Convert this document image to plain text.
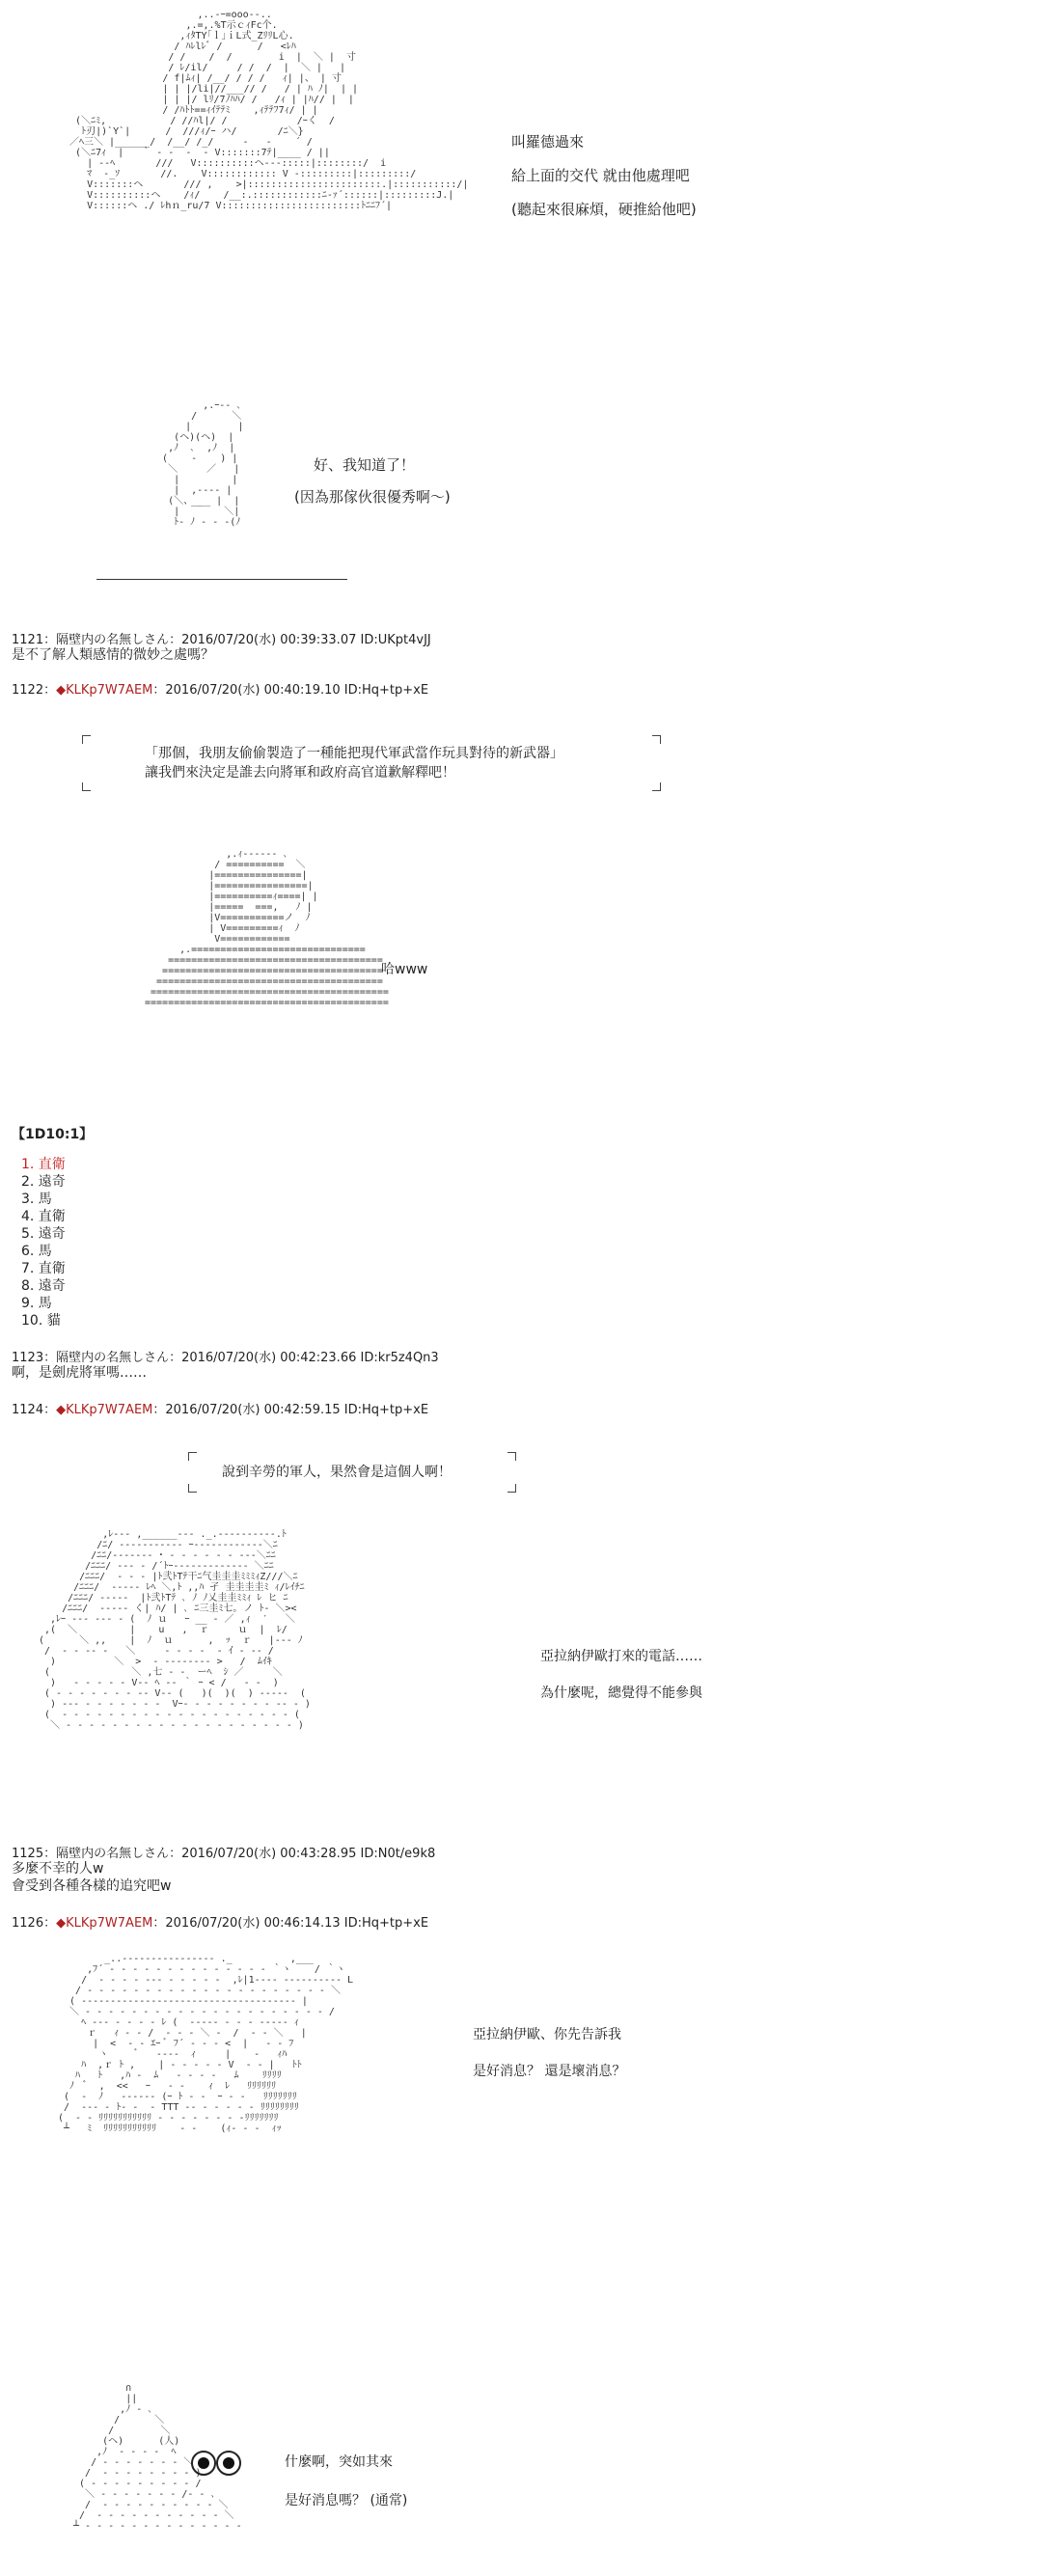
,..-ｰ=ooo‐-..
,.=,.%T示ｃｨFc个.
,ｨﾀTY｢ｌ｣ｉL式_ZﾘﾘL心.
/ ﾊﾚlﾚﾞ /      /   <ﾚﾊ
/ /    /  /        i  |  ＼ |  寸
/ ﾚ/il/     / /  /  |  ＼ |   |
/ f|ﾑｨ| /__/ / / /   ｨ| |、 | 寸
| | |/li|//___// /   / | ﾊ ﾉ|  | |
| | |/ lﾘ/7ﾉﾊﾊ/ /   /ｨ | |ﾊ// |  |
/ /ﾊﾄﾄ==ｨｲﾃﾃﾐ    ,ｨﾃﾃﾌ7ｨ/ | |
(＼ﾆﾐ,           / //ﾊl|/ /            /ｰく  /
ﾄ刃|)`Y`|      /  ///ｨ/ｰ ハ/       /ﾆ＼}
／ﾍ三＼ |______/  /__/ /_/     ‐   ‐    ´ /
(＼ﾆ7ｨ  |   ｀ ‐ ‐  ‐  ‐ V:::::::7ﾃ|____ / ||
| ‐‐ﾍ       ///   V::::::::::ヘ‐‐‐:::::|::::::::/  i
ﾏ  ‐_ｿ       //.    V:::::::::::: V ‐:::::::::|:::::::::/
V:::::::ヘ       /// ,    >|:::::::::::::::::::::::.|:::::::::::/|
V::::::::::ヘ    /ｨ/    /__:.::::::::::::ﾆ‐ｧ´::::::|:::::::::J.|
V::::::ヘ ./ ﾚhｎ_ru/7 V::::::::::::::::::::::::ﾄﾆﾆﾌ´|
叫羅德過來
給上面的交代 就由他處理吧
(聽起來很麻煩，硬推給他吧)
,.ｰ‐- ､
/      ＼
|        |
(ヘ)(ヘ)  |
,ﾉ  ､  ,ﾉ  |
(    ‐    ) |
＼     ／   |
|         |
|  ,‐‐‐‐ |
(＼、 __ |  |
|  ￣    ＼|
ﾄ‐ ﾉ ‐ ‐ ‐(ﾉ
好、我知道了！
(因為那傢伙很優秀啊〜)
1121：隔壁内の名無しさん：2016/07/20(水) 00:39:33.07 ID:UKpt4vJJ
是不了解人類感情的微妙之處嗎？
1122：◆KLKp7W7AEM：2016/07/20(水) 00:40:19.10 ID:Hq+tp+xE
「那個，我朋友偷偷製造了一種能把現代軍武當作玩具對待的新武器」
讓我們來決定是誰去向將軍和政府高官道歉解釋吧！
,.ｨ‐‐‐‐‐‐ ､
/ ==========  ＼
|===============|
|================|
|==========ｨ====| |
|=====  ===,   ﾉ |
|V===========ノ  ﾉ
| V=========ｨ  ﾉ
V============
,.==============================
=====================================
======================================
=======================================
=========================================
==========================================
哈www
【1D10:1】
1. 直衛
2. 遠奇
3. 馬
4. 直衛
5. 遠奇
6. 馬
7. 直衛
8. 遠奇
9. 馬
10. 貓
1123：隔壁内の名無しさん：2016/07/20(水) 00:42:23.66 ID:kr5z4Qn3
啊，是劍虎將軍嗎……
1124：◆KLKp7W7AEM：2016/07/20(水) 00:42:59.15 ID:Hq+tp+xE
說到辛勞的軍人，果然會是這個人啊！
,ﾚ‐‐‐ ,______‐‐‐ ._.‐‐‐‐‐‐‐‐‐‐.ﾄ
/ﾆ/ ‐‐‐‐‐‐‐‐‐‐‐ ｰ‐‐‐‐‐‐‐‐‐‐‐‐＼ﾆ
/ﾆﾆ/‐‐‐‐‐‐‐ ･ ‐ ‐ ‐ ‐ ‐ ‐ ‐‐‐＼ﾆﾆ
/ﾆﾆﾆ/ ‐‐‐ ‐ /´ﾄｰ‐‐‐‐‐‐‐‐‐‐‐‐‐ ＼ﾆﾆ
/ﾆﾆﾆ/  ‐ ‐ ‐ |ﾄ弐ﾄTﾃ干ﾆ气圭圭圭ﾐﾐﾐｨZ///＼ﾆ
/ﾆﾆﾆ/  ‐‐‐‐‐ ﾚﾍ ＼,ﾄ ,,ﾊ 孑 圭圭圭圭ﾐ ｨ/ﾚｲﾁﾆ
/ﾆﾆﾆ/ ‐‐‐‐‐  |ﾄ弐ﾄTﾃ ､ ﾉ ﾉ乂圭圭ﾐﾐｨ ﾚ ヒ ﾆ
/ﾆﾆﾆ/  ‐‐‐‐‐ く| ﾊ/ | ､ ﾆ三圭ﾐ七｡ ノ ﾄ‐ ＼><
,ﾚｰ ‐‐‐ ‐‐‐ ‐ (  ﾉ ｕ   ｰ __ ‐ ／ ,ｨ  ′   ＼
,(  ＼         |    u   ,  ｒ     ｕ  |  ﾚ/
(      ＼ ,,    |  ﾉ  ｕ      ,  ｯ  ｒ   |‐‐‐ ﾉ
/  ‐ ‐ ‐‐ ‐   ＼     ‐ ‐ ‐ ‐  ‐ ｲ ‐ ‐‐ /
)          ＼  >  ‐ ‐‐‐‐‐‐‐‐ >   /  ﾑｲｷ
(              ＼ ,七 ‐ ‐  ーﾍ  ｼ ／     ＼
)   ‐ ‐ ‐ ‐ ‐ V‐‐ ﾍ ‐‐ ｀ ｰ < /   ‐ ‐  )
( ‐ ‐ ‐ ‐ ‐ ‐ ‐ ‐‐ V‐‐ (   )(  )(  ) ‐‐‐‐‐  (
) ‐‐‐ ‐ ‐ ‐ ‐ ‐ ‐ ‐  Vｰ‐ ‐ ‐ ‐ ‐ ‐ ‐ ‐ ‐‐ ‐ )
(  ‐ ‐ ‐ ‐ ‐ ‐ ‐ ‐ ‐ ‐ ‐ ‐ ‐ ‐ ‐ ‐ ‐ ‐ ‐ ‐ (
＼ ‐ ‐ ‐ ‐ ‐ ‐ ‐ ‐ ‐ ‐ ‐ ‐ ‐ ‐ ‐ ‐ ‐ ‐ ‐ ‐ )
亞拉納伊歐打來的電話……
為什麼呢，總覺得不能參與
1125：隔壁内の名無しさん：2016/07/20(水) 00:43:28.95 ID:N0t/e9k8
多麼不幸的人w
會受到各種各樣的追究吧w
1126：◆KLKp7W7AEM：2016/07/20(水) 00:46:14.13 ID:Hq+tp+xE
_..‐‐‐‐‐‐‐‐‐‐‐‐‐‐‐- ._          ,___
,ﾌ´ ‐ ‐ ‐ ‐ ‐ ‐ ‐ ‐ ‐ ‐ ‐ ‐ ‐ ‐ ｀ヽ    / ｀ヽ
/  ‐ ‐ ‐ ‐ ‐‐‐ ‐ ‐ ‐ ‐ ‐  ,ﾚ|1‐‐‐‐ ‐‐‐‐‐‐‐‐‐‐ L
/ ‐ ‐ ‐ ‐ ‐ ‐ ‐ ‐ ‐ ‐ ‐ ‐ ‐ ‐ ‐ ‐ ‐ ‐ ‐ ‐ ‐ ＼
( ‐‐‐‐‐‐‐‐‐‐‐‐‐‐‐‐‐‐‐‐‐‐‐‐‐‐‐‐‐‐‐‐‐‐‐‐‐ |
＼ ‐ ‐ ‐ ‐ ‐ ‐ ‐ ‐ ‐ ‐ ‐ ‐ ‐ ‐ ‐ ‐ ‐ ‐ ‐ ‐ ‐ /
ﾍ ‐‐‐ ‐ ‐ ‐ ‐ ﾚ (  ‐‐‐‐‐ ‐ ‐ ‐ ‐‐‐‐‐ ｨ
ｒ   ｨ ‐ ‐ /  ‐ ‐ ‐ ＼ ‐  /  ‐ ‐ ＼   |
|  <  ‐ ‐ ｴｰ ﾞ ﾌ´ ‐ ‐ ‐ <  |   ‐ ‐ ﾌ
ヽ     ﾞ   ‐‐‐‐  ｨ     |    ‐   ｨﾊ
ﾊ  ,ｒ ﾄ ,    | ‐ ‐ ‐ ‐ ‐ V  ‐ ‐ |   ﾄﾄ
ﾊ   ﾄ   ,ﾊ ‐  ﾑ   ‐ ‐ ‐ ‐   ﾑ    ﾘﾘﾘﾘ
ﾉ  ﾞ  ,  <<   ｰ   ‐ ‐    ｨ  ﾚ   ﾘﾘﾘﾘﾘﾘ
(  ‐  ﾉ   ‐‐‐‐‐‐ (ｰ ﾄ ‐ ‐  ｰ ‐ ‐   ﾘﾘﾘﾘﾘﾘﾘ
/  ‐‐‐ ‐ ﾄ‐ ‐  ‐ TTT ‐‐ ‐ ‐ ‐ ‐ ‐ ﾘﾘﾘﾘﾘﾘﾘﾘ
(  ‐ ‐ ﾘﾘﾘﾘﾘﾘﾘﾘﾘﾘﾘ ‐ ‐ ‐ ‐ ‐ ‐ ‐ ‐ﾘﾘﾘﾘﾘﾘﾘ
┴   ﾐ  ﾘﾘﾘﾘﾘﾘﾘﾘﾘﾘﾘ    ‐ ‐    (ｨ‐ ‐ ‐  ｨｯ
亞拉納伊歐、你先告訴我
是好消息？ 還是壞消息？
∩
||
,ﾉ ‐ ､
/      ＼
/        ＼
(ヘ)      (人)
,ﾉ  ‐ ‐ ‐ ‐  ﾍ
/ ‐ ‐ ‐ ‐ ‐ ‐ ‐ ＼
/  ‐ ‐ ‐ ‐ ‐ ‐ ‐ ‐ )
( ‐ ‐ ‐ ‐ ‐ ‐ ‐ ‐ ‐ /
＼ ‐ ‐ ‐ ‐ ‐ ‐ ‐ /‐ ‐ ､
/  ‐ ‐ ‐ ‐ ‐ ‐ ‐ ‐ ‐ ‐ ＼
/  ‐ ‐ ‐ ‐ ‐ ‐ ‐ ‐ ‐ ‐ ‐ ＼
┴ ‐ ‐ ‐ ‐ ‐ ‐ ‐ ‐ ‐ ‐ ‐ ‐ ‐ ‐
什麼啊，突如其來
是好消息嗎？ (通常)
